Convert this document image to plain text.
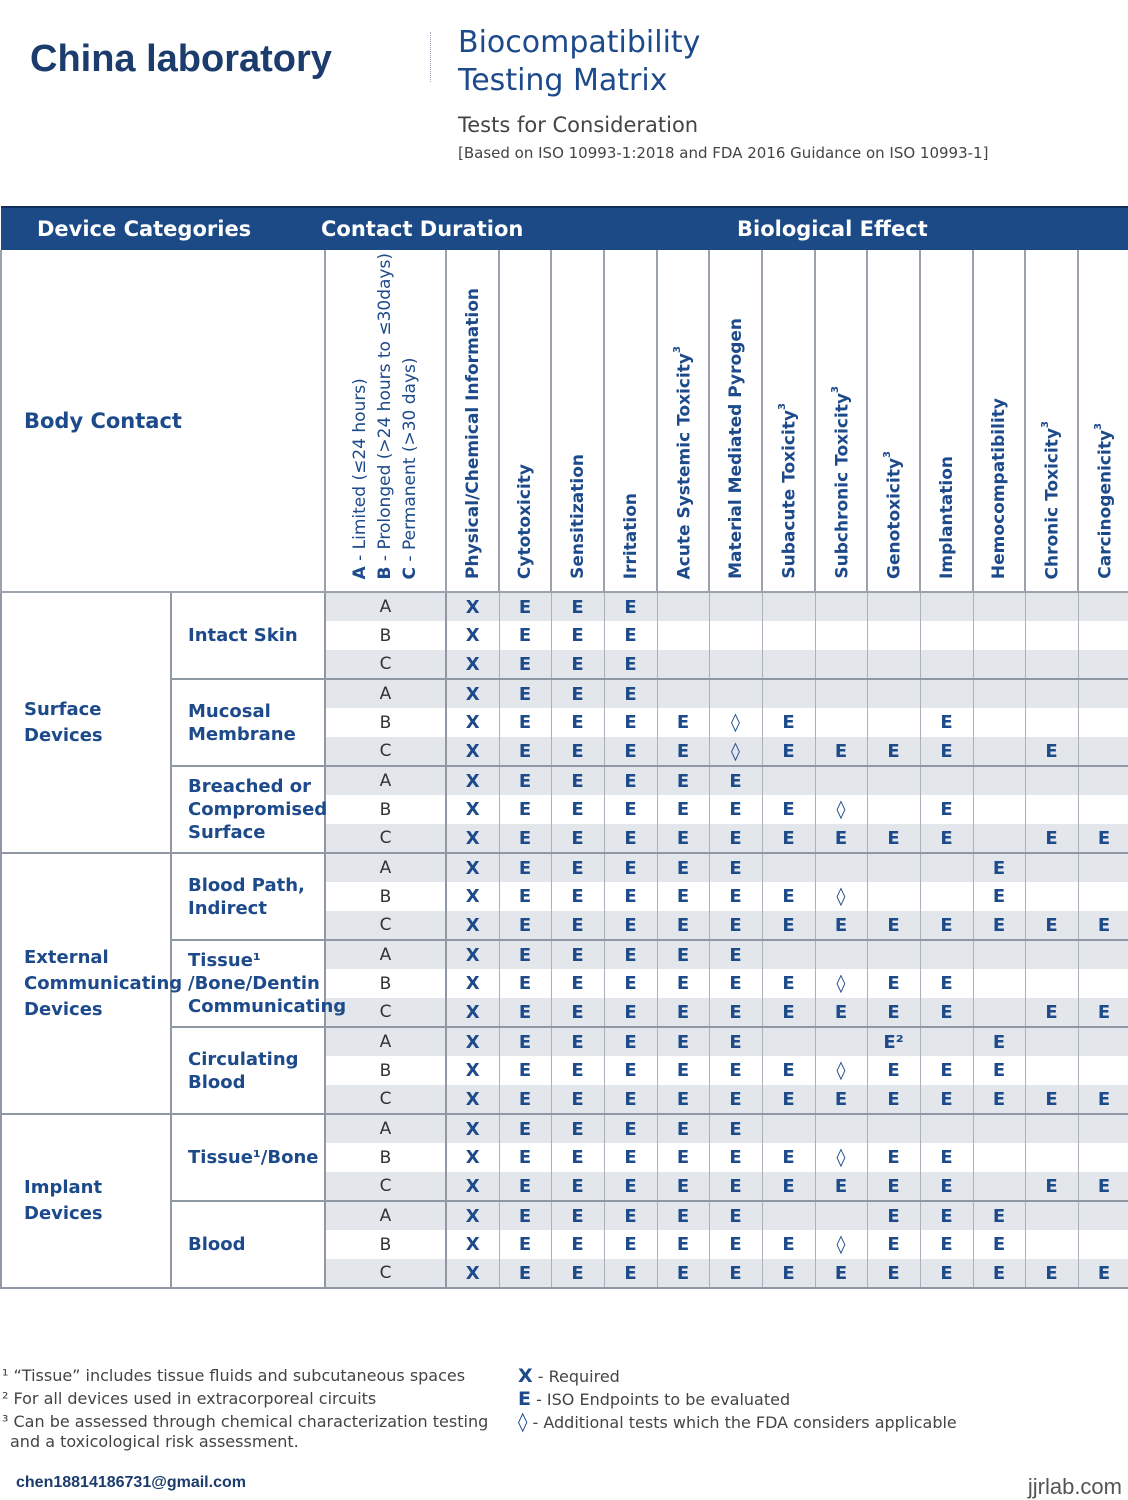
China laboratory	Biocompatibility
Testing Matrix
Tests for Consideration
[Based on ISO 10993-1:2018 and FDA 2016 Guidance on ISO 10993-1]
Device Categories		Contact Duration			Biological Effect										
Body Contact		A - Limited (≤24 hours)
B - Prolonged (>24 hours to ≤30days)
C - Permanent (>30 days)	Physical/Chemical Information	Cytotoxicity	Sensitization	Irritation	Acute Systemic Toxicity$^3$	Material Mediated Pyrogen	Subacute Toxicity$^3$	Subchronic Toxicity$^3$	Genotoxicity$^3$	Implantation	Hemocompatibility	Chronic Toxicity$^3$	Carcinogenicity$^3$

Surface Devices	Intact Skin	A	X	E	E	E									
		B	X	E	E	E									
		C	X	E	E	E									
	Mucosal Membrane	A	X	E	E	E									
		B	X	E	E	E	E	◊	E			E			
		C	X	E	E	E	E	◊	E	E	E	E		E	
	Breached or Compromised Surface	A	X	E	E	E	E	E							
		B	X	E	E	E	E	E	E	◊		E			
		C	X	E	E	E	E	E	E	E	E	E		E	E
External Communicating Devices	Blood Path, Indirect	A	X	E	E	E	E	E					E		
		B	X	E	E	E	E	E	E	◊			E		
		C	X	E	E	E	E	E	E	E	E	E	E	E	E
	Tissue¹ /Bone/Dentin Communicating	A	X	E	E	E	E	E							
		B	X	E	E	E	E	E	E	◊	E	E			
		C	X	E	E	E	E	E	E	E	E	E		E	E
	Circulating Blood	A	X	E	E	E	E	E			E²		E		
		B	X	E	E	E	E	E	E	◊	E	E	E		
		C	X	E	E	E	E	E	E	E	E	E	E	E	E
Implant Devices	Tissue¹/Bone	A	X	E	E	E	E	E							
		B	X	E	E	E	E	E	E	◊	E	E			
		C	X	E	E	E	E	E	E	E	E	E		E	E
	Blood	A	X	E	E	E	E	E			E	E	E		
		B	X	E	E	E	E	E	E	◊	E	E	E		
		C	X	E	E	E	E	E	E	E	E	E	E	E	E
¹ “Tissue” includes tissue fluids and subcutaneous spaces
² For all devices used in extracorporeal circuits
³ Can be assessed through chemical characterization testing
and a toxicological risk assessment.
X - Required
E - ISO Endpoints to be evaluated
◊ - Additional tests which the FDA considers applicable
chen18814186731@gmail.com	jjrlab.com
